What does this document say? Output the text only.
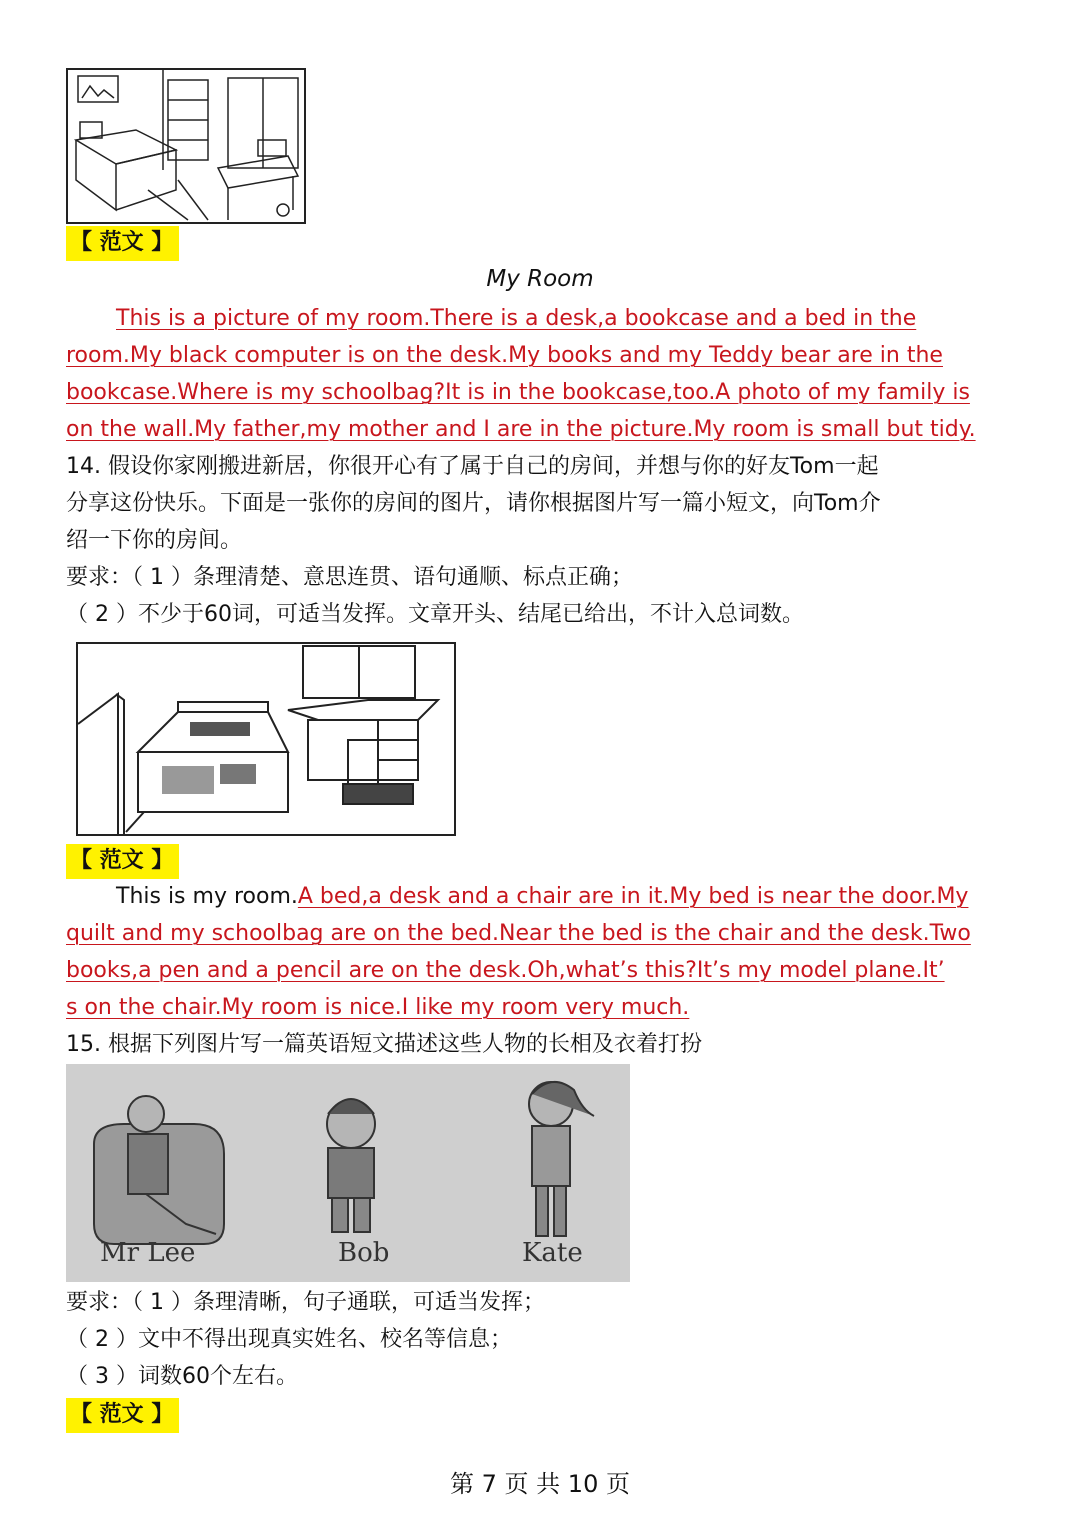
【 范文 】
My Room
This is a picture of my room.There is a desk,a bookcase and a bed in the
room.My black computer is on the desk.My books and my Teddy bear are in the
bookcase.Where is my schoolbag?It is in the bookcase,too.A photo of my family is
on the wall.My father,my mother and I are in the picture.My room is small but tidy.
14. 假设你家刚搬进新居，你很开心有了属于自己的房间，并想与你的好友Tom一起
分享这份快乐。下面是一张你的房间的图片，请你根据图片写一篇小短文，向Tom介
绍一下你的房间。
要求：（ 1 ）条理清楚、意思连贯、语句通顺、标点正确；
（ 2 ）不少于60词，可适当发挥。文章开头、结尾已给出，不计入总词数。
【 范文 】
This is my room.A bed,a desk and a chair are in it.My bed is near the door.My
quilt and my schoolbag are on the bed.Near the bed is the chair and the desk.Two
books,a pen and a pencil are on the desk.Oh,what’s this?It’s my model plane.It’
s on the chair.My room is nice.I like my room very much.
15. 根据下列图片写一篇英语短文描述这些人物的长相及衣着打扮
Mr Lee	Bob	Kate
要求：（ 1 ）条理清晰，句子通联，可适当发挥；
（ 2 ）文中不得出现真实姓名、校名等信息；
（ 3 ）词数60个左右。
【 范文 】
第 7 页 共 10 页
